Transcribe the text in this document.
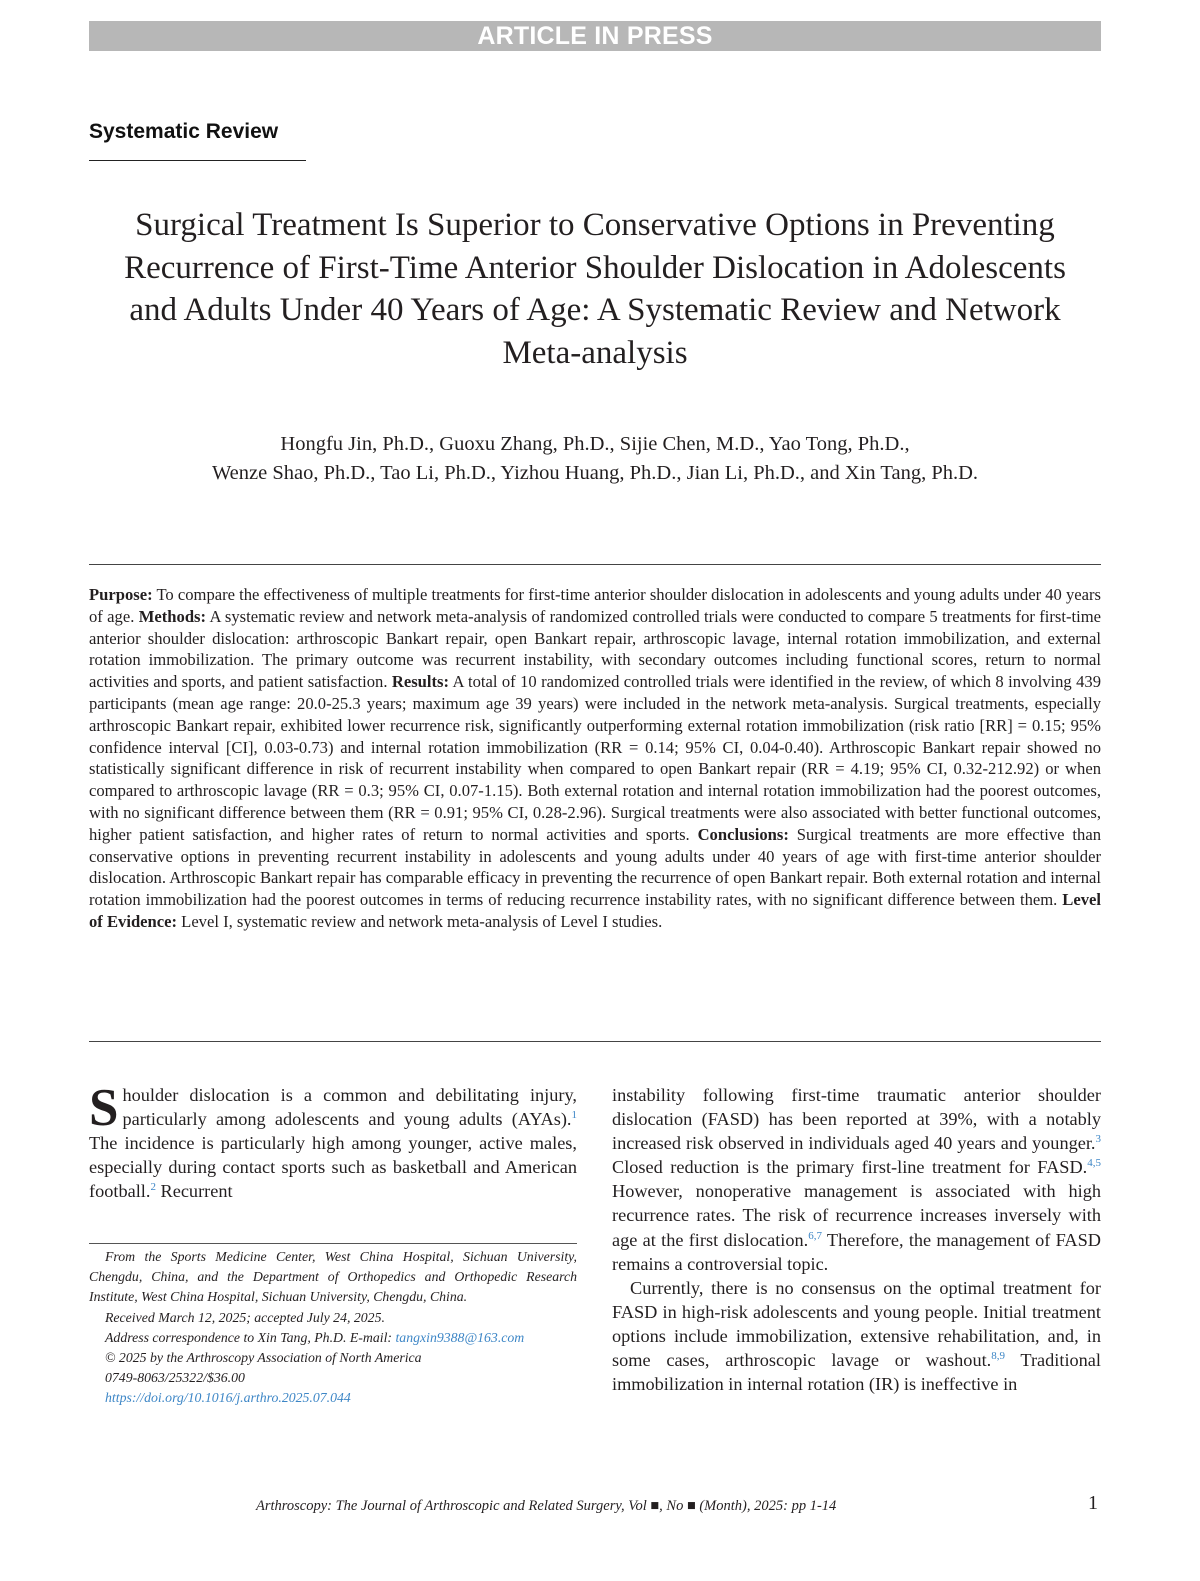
ARTICLE IN PRESS
Systematic Review
Surgical Treatment Is Superior to Conservative Options in Preventing Recurrence of First-Time Anterior Shoulder Dislocation in Adolescents and Adults Under 40 Years of Age: A Systematic Review and Network Meta-analysis
Hongfu Jin, Ph.D., Guoxu Zhang, Ph.D., Sijie Chen, M.D., Yao Tong, Ph.D.,
Wenze Shao, Ph.D., Tao Li, Ph.D., Yizhou Huang, Ph.D., Jian Li, Ph.D., and Xin Tang, Ph.D.
Purpose: To compare the effectiveness of multiple treatments for first-time anterior shoulder dislocation in adolescents and young adults under 40 years of age. Methods: A systematic review and network meta-analysis of randomized controlled trials were conducted to compare 5 treatments for first-time anterior shoulder dislocation: arthroscopic Bankart repair, open Bankart repair, arthroscopic lavage, internal rotation immobilization, and external rotation immobilization. The primary outcome was recurrent instability, with secondary outcomes including functional scores, return to normal activities and sports, and patient satisfaction. Results: A total of 10 randomized controlled trials were identified in the review, of which 8 involving 439 participants (mean age range: 20.0-25.3 years; maximum age 39 years) were included in the network meta-analysis. Surgical treatments, especially arthroscopic Bankart repair, exhibited lower recurrence risk, significantly outperforming external rotation immobilization (risk ratio [RR] = 0.15; 95% confidence interval [CI], 0.03-0.73) and internal rotation immobilization (RR = 0.14; 95% CI, 0.04-0.40). Arthroscopic Bankart repair showed no statistically significant difference in risk of recurrent instability when compared to open Bankart repair (RR = 4.19; 95% CI, 0.32-212.92) or when compared to arthroscopic lavage (RR = 0.3; 95% CI, 0.07-1.15). Both external rotation and internal rotation immobilization had the poorest outcomes, with no significant difference between them (RR = 0.91; 95% CI, 0.28-2.96). Surgical treatments were also associated with better functional outcomes, higher patient satisfaction, and higher rates of return to normal activities and sports. Conclusions: Surgical treatments are more effective than conservative options in preventing recurrent instability in adolescents and young adults under 40 years of age with first-time anterior shoulder dislocation. Arthroscopic Bankart repair has comparable efficacy in preventing the recurrence of open Bankart repair. Both external rotation and internal rotation immobilization had the poorest outcomes in terms of reducing recurrence instability rates, with no significant difference between them. Level of Evidence: Level I, systematic review and network meta-analysis of Level I studies.

Shoulder dislocation is a common and debilitating injury, particularly among adolescents and young adults (AYAs).$^1$ The incidence is particularly high among younger, active males, especially during contact sports such as basketball and American football.$^2$ Recurrent

From the Sports Medicine Center, West China Hospital, Sichuan University, Chengdu, China, and the Department of Orthopedics and Orthopedic Research Institute, West China Hospital, Sichuan University, Chengdu, China.

Received March 12, 2025; accepted July 24, 2025.

Address correspondence to Xin Tang, Ph.D. E-mail: tangxin9388@163.com

© 2025 by the Arthroscopy Association of North America

0749-8063/25322/$36.00

https://doi.org/10.1016/j.arthro.2025.07.044

instability following first-time traumatic anterior shoulder dislocation (FASD) has been reported at 39%, with a notably increased risk observed in individuals aged 40 years and younger.$^3$ Closed reduction is the primary first-line treatment for FASD.$^{4,5}$ However, nonoperative management is associated with high recurrence rates. The risk of recurrence increases inversely with age at the first dislocation.$^{6,7}$ Therefore, the management of FASD remains a controversial topic.

Currently, there is no consensus on the optimal treatment for FASD in high-risk adolescents and young people. Initial treatment options include immobilization, extensive rehabilitation, and, in some cases, arthroscopic lavage or washout.$^{8,9}$ Traditional immobilization in internal rotation (IR) is ineffective in

Arthroscopy: The Journal of Arthroscopic and Related Surgery, Vol ■, No ■ (Month), 2025: pp 1-14	1
